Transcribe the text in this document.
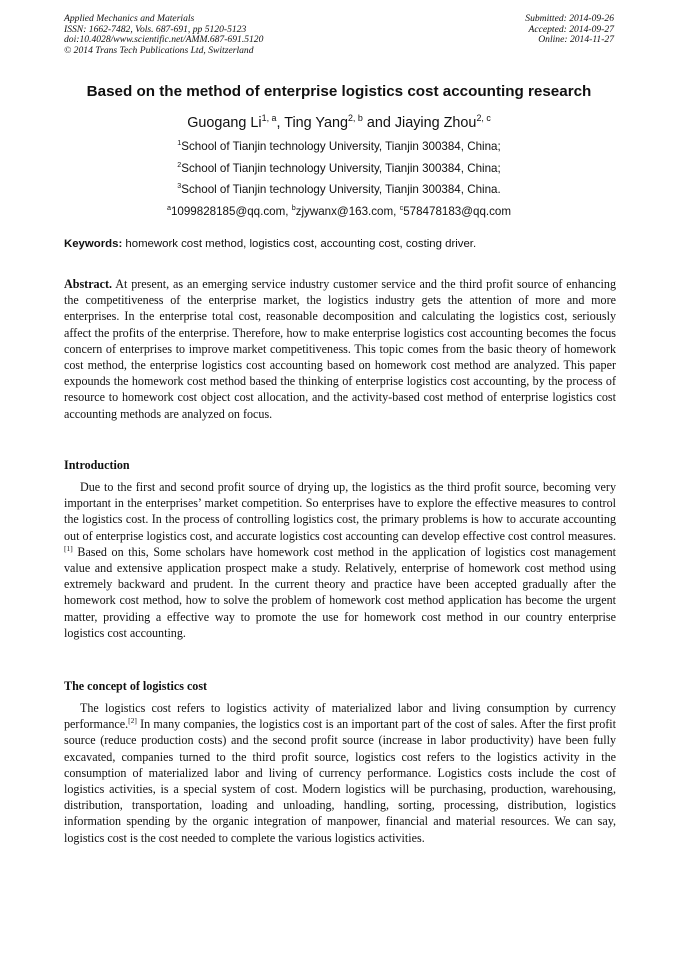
Applied Mechanics and Materials
ISSN: 1662-7482, Vols. 687-691, pp 5120-5123
doi:10.4028/www.scientific.net/AMM.687-691.5120
© 2014 Trans Tech Publications Ltd, Switzerland
Submitted: 2014-09-26
Accepted: 2014-09-27
Online: 2014-11-27
Based on the method of enterprise logistics cost accounting research
Guogang Li$^{1, a}$, Ting Yang$^{2, b}$ and Jiaying Zhou$^{2, c}$
$^1$School of Tianjin technology University, Tianjin 300384, China;
$^2$School of Tianjin technology University, Tianjin 300384, China;
$^3$School of Tianjin technology University, Tianjin 300384, China.
$^a$1099828185@qq.com, $^b$zjywanx@163.com, $^c$578478183@qq.com
Keywords: homework cost method, logistics cost, accounting cost, costing driver.
Abstract. At present, as an emerging service industry customer service and the third profit source of enhancing the competitiveness of the enterprise market, the logistics industry gets the attention of more and more enterprises. In the enterprise total cost, reasonable decomposition and calculating the logistics cost, seriously affect the profits of the enterprise. Therefore, how to make enterprise logistics cost accounting becomes the focus concern of enterprises to improve market competitiveness. This topic comes from the basic theory of homework cost method, the enterprise logistics cost accounting based on homework cost method are analyzed. This paper expounds the homework cost method based the thinking of enterprise logistics cost accounting, by the process of resource to homework cost object cost allocation, and the activity-based cost method of enterprise logistics cost accounting methods are analyzed on focus.
Introduction
Due to the first and second profit source of drying up, the logistics as the third profit source, becoming very important in the enterprises’ market competition. So enterprises have to explore the effective measures to control the logistics cost. In the process of controlling logistics cost, the primary problems is how to accurate accounting out of enterprise logistics cost, and accurate logistics cost accounting can develop effective cost control measures.[1] Based on this, Some scholars have homework cost method in the application of logistics cost management value and extensive application prospect make a study. Relatively, enterprise of homework cost method using extremely backward and prudent. In the current theory and practice have been accepted gradually after the homework cost method, how to solve the problem of homework cost method application has become the urgent matter, providing a effective way to promote the use for homework cost method in our country enterprise logistics cost accounting.
The concept of logistics cost
The logistics cost refers to logistics activity of materialized labor and living consumption by currency performance.[2] In many companies, the logistics cost is an important part of the cost of sales. After the first profit source (reduce production costs) and the second profit source (increase in labor productivity) have been fully excavated, companies turned to the third profit source, logistics cost refers to the logistics activity in the consumption of materialized labor and living of currency performance. Logistics costs include the cost of logistics activities, is a special system of cost. Modern logistics will be purchasing, production, warehousing, distribution, transportation, loading and unloading, handling, sorting, processing, distribution, logistics information spending by the organic integration of manpower, financial and material resources. We can say, logistics cost is the cost needed to complete the various logistics activities.
